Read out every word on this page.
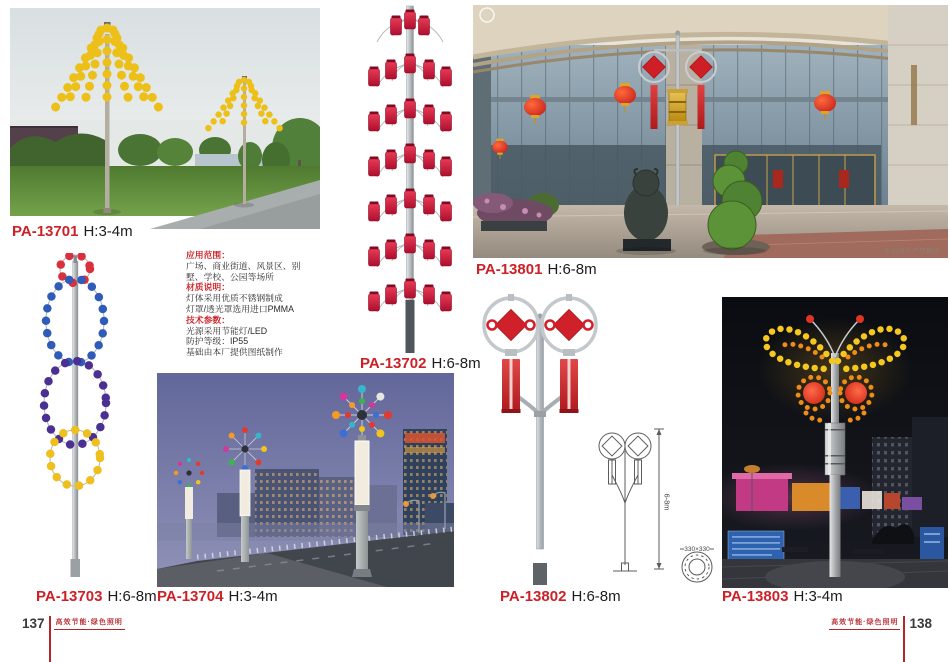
6-8m
330×330
PA-13701 H:3-4m
PA-13702 H:6-8m
PA-13703 H:6-8m PA-13704 H:3-4m
PA-13801 H:6-8m
PA-13802 H:6-8m	PA-13803 H:3-4m
应用范围：
广场、商业街道、风景区、别
墅、学校、公园等场所
材质说明：
灯体采用优质不锈钢制成
灯罩/透光罩选用进口PMMA
技术参数：
光源采用节能灯/LED
防护等级：IP55
基础由本厂提供图纸制作
原创图片严禁翻印
137	高效节能·绿色照明	高效节能·绿色照明 138
